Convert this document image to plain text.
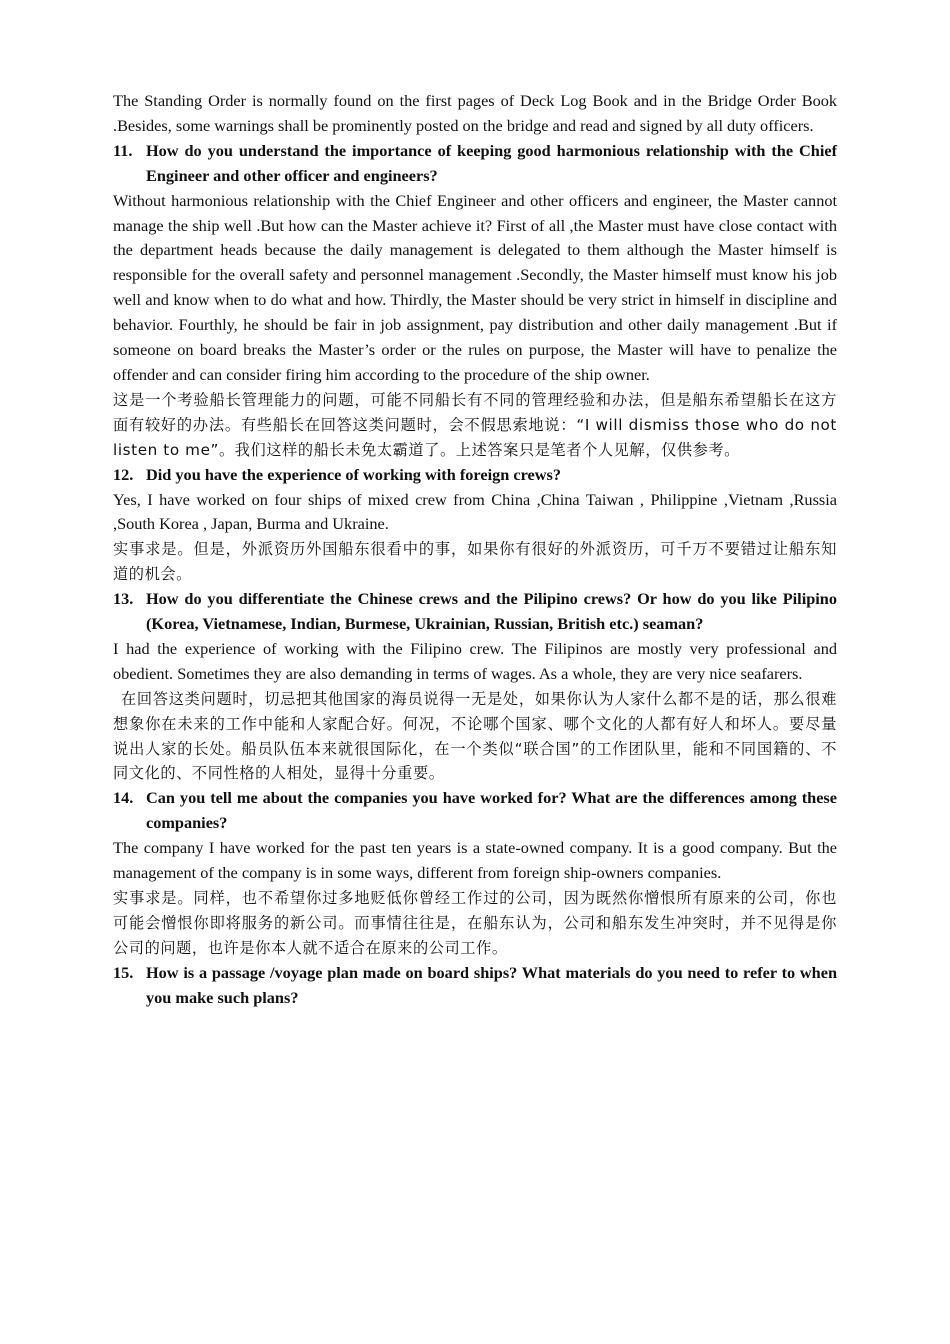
The Standing Order is normally found on the first pages of Deck Log Book and in the Bridge Order Book .Besides, some warnings shall be prominently posted on the bridge and read and signed by all duty officers.

11. How do you understand the importance of keeping good harmonious relationship with the Chief Engineer and other officer and engineers?

Without harmonious relationship with the Chief Engineer and other officers and engineer, the Master cannot manage the ship well .But how can the Master achieve it? First of all ,the Master must have close contact with the department heads because the daily management is delegated to them although the Master himself is responsible for the overall safety and personnel management .Secondly, the Master himself must know his job well and know when to do what and how. Thirdly, the Master should be very strict in himself in discipline and behavior. Fourthly, he should be fair in job assignment, pay distribution and other daily management .But if someone on board breaks the Master’s order or the rules on purpose, the Master will have to penalize the offender and can consider firing him according to the procedure of the ship owner.

这是一个考验船长管理能力的问题，可能不同船长有不同的管理经验和办法，但是船东希望船长在这方面有较好的办法。有些船长在回答这类问题时，会不假思索地说：“I will dismiss those who do not listen to me”。我们这样的船长未免太霸道了。上述答案只是笔者个人见解，仅供参考。

12. Did you have the experience of working with foreign crews?

Yes, I have worked on four ships of mixed crew from China ,China Taiwan , Philippine ,Vietnam ,Russia ,South Korea , Japan, Burma and Ukraine.

实事求是。但是，外派资历外国船东很看中的事，如果你有很好的外派资历，可千万不要错过让船东知道的机会。

13. How do you differentiate the Chinese crews and the Pilipino crews? Or how do you like Pilipino (Korea, Vietnamese, Indian, Burmese, Ukrainian, Russian, British etc.) seaman?

I had the experience of working with the Filipino crew. The Filipinos are mostly very professional and obedient. Sometimes they are also demanding in terms of wages. As a whole, they are very nice seafarers.

在回答这类问题时，切忌把其他国家的海员说得一无是处，如果你认为人家什么都不是的话，那么很难想象你在未来的工作中能和人家配合好。何况，不论哪个国家、哪个文化的人都有好人和坏人。要尽量说出人家的长处。船员队伍本来就很国际化，在一个类似“联合国”的工作团队里，能和不同国籍的、不同文化的、不同性格的人相处，显得十分重要。

14. Can you tell me about the companies you have worked for? What are the differences among these companies?

The company I have worked for the past ten years is a state-owned company. It is a good company. But the management of the company is in some ways, different from foreign ship-owners companies.

实事求是。同样，也不希望你过多地贬低你曾经工作过的公司，因为既然你憎恨所有原来的公司，你也可能会憎恨你即将服务的新公司。而事情往往是，在船东认为，公司和船东发生冲突时，并不见得是你公司的问题，也许是你本人就不适合在原来的公司工作。

15. How is a passage /voyage plan made on board ships? What materials do you need to refer to when you make such plans?
